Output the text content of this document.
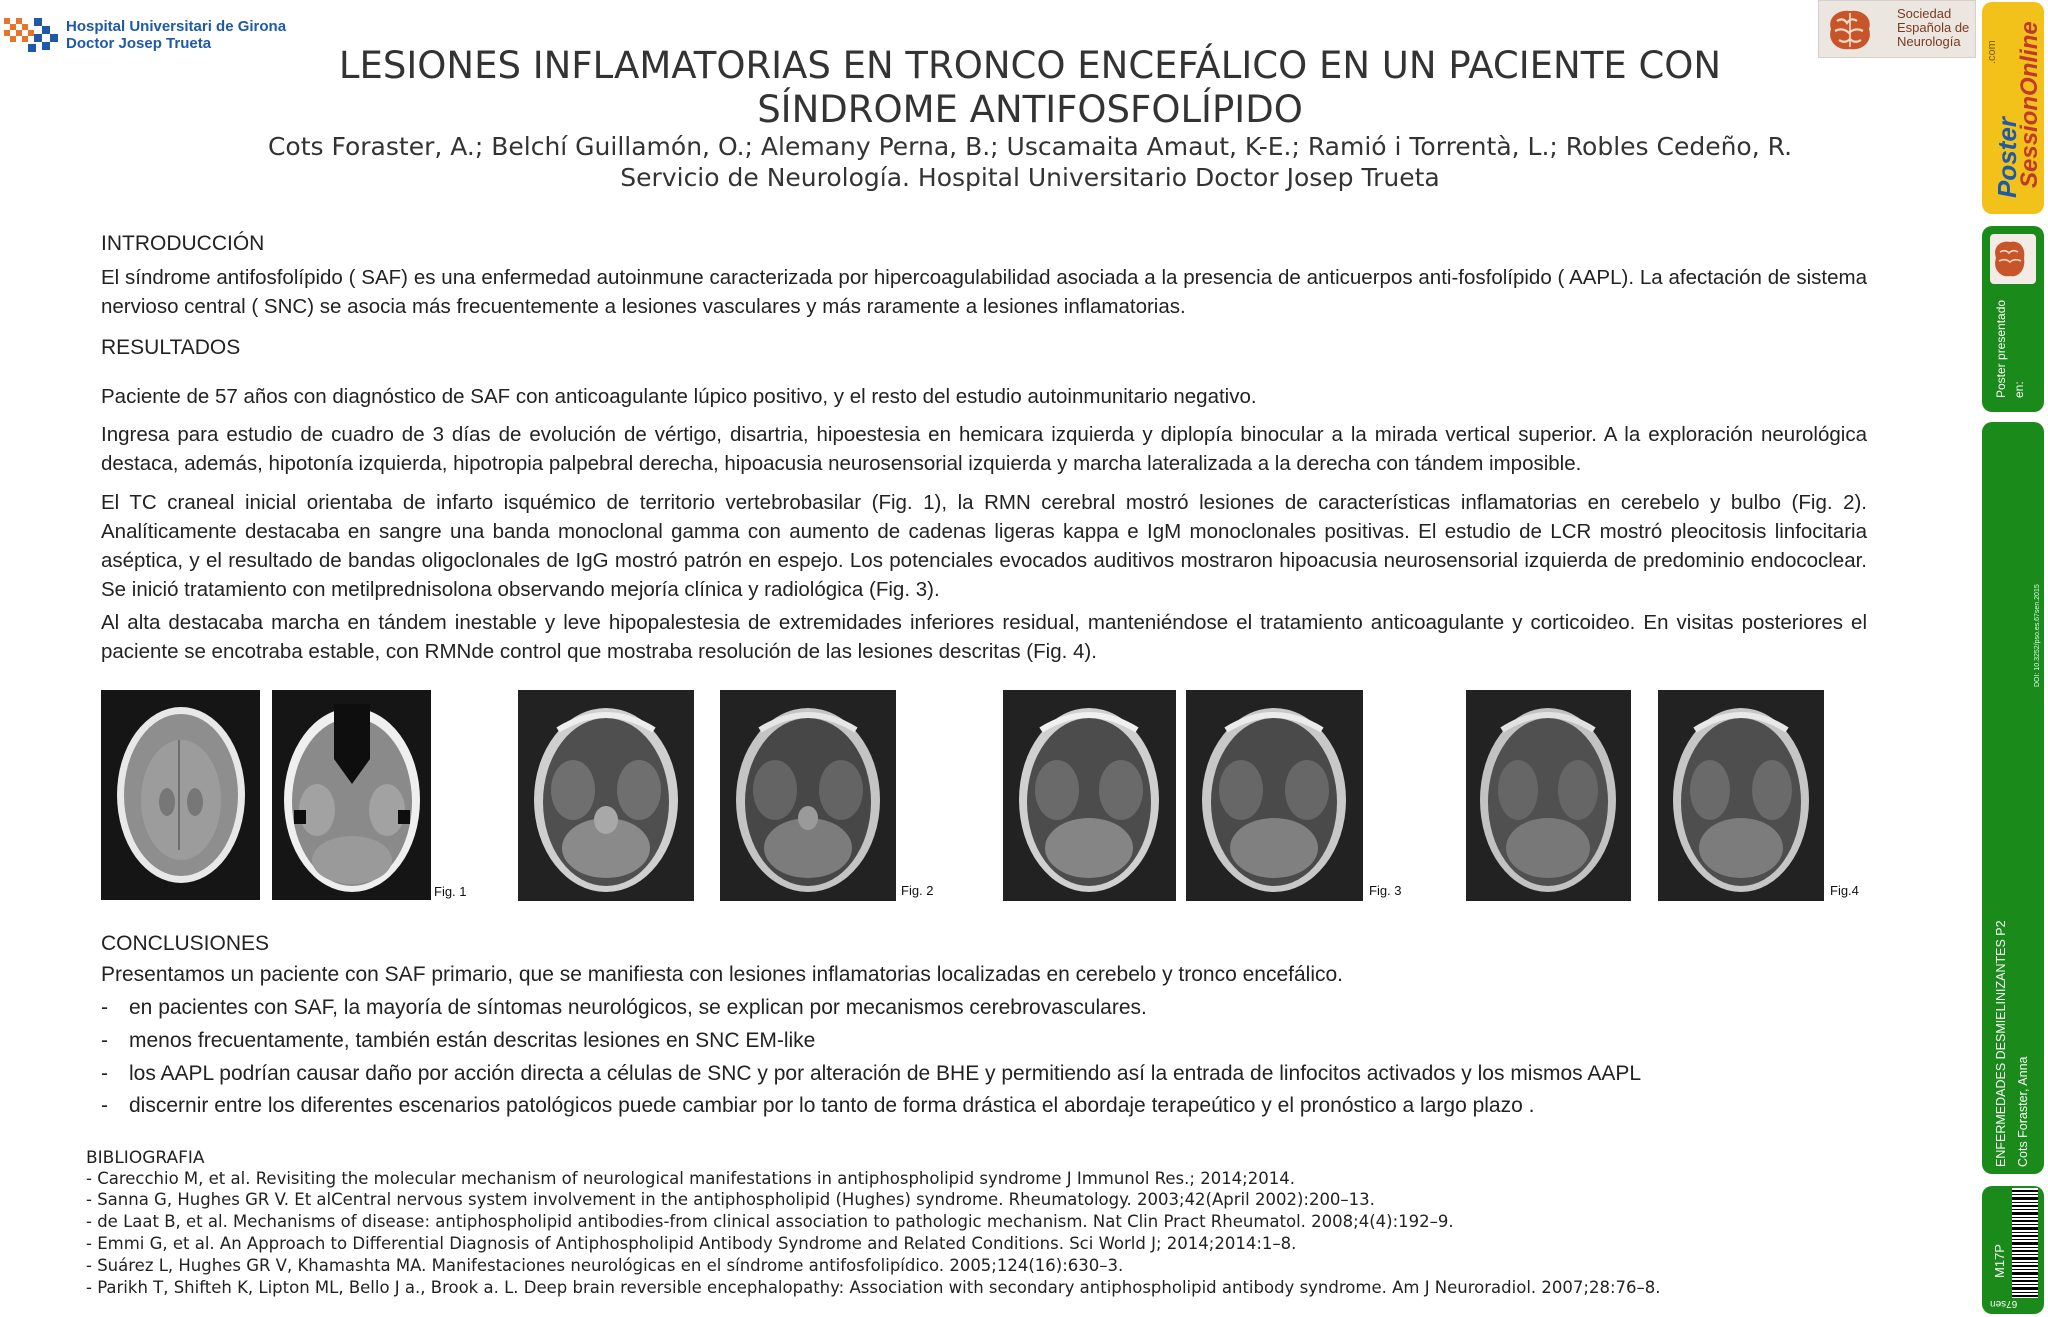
Hospital Universitari de Girona
Doctor Josep Trueta
Sociedad
Española de
Neurología
LESIONES INFLAMATORIAS EN TRONCO ENCEFÁLICO EN UN PACIENTE CON
SÍNDROME ANTIFOSFOLÍPIDO
Cots Foraster, A.; Belchí Guillamón, O.; Alemany Perna, B.; Uscamaita Amaut, K-E.; Ramió i Torrentà, L.; Robles Cedeño, R.
Servicio de Neurología. Hospital Universitario Doctor Josep Trueta
INTRODUCCIÓN
El síndrome antifosfolípido ( SAF) es una enfermedad autoinmune caracterizada por hipercoagulabilidad asociada a la presencia de anticuerpos anti-fosfolípido ( AAPL). La afectación de sistema nervioso central ( SNC) se asocia más frecuentemente a lesiones vasculares y más raramente a lesiones inflamatorias.
RESULTADOS
Paciente de 57 años con diagnóstico de SAF con anticoagulante lúpico positivo, y el resto del estudio autoinmunitario negativo.
Ingresa para estudio de cuadro de 3 días de evolución de vértigo, disartria, hipoestesia en hemicara izquierda y diplopía binocular a la mirada vertical superior. A la exploración neurológica destaca, además, hipotonía izquierda, hipotropia palpebral derecha, hipoacusia neurosensorial izquierda y marcha lateralizada a la derecha con tándem imposible.
El TC craneal inicial orientaba de infarto isquémico de territorio vertebrobasilar (Fig. 1), la RMN cerebral mostró lesiones de características inflamatorias en cerebelo y bulbo (Fig. 2). Analíticamente destacaba en sangre una banda monoclonal gamma con aumento de cadenas ligeras kappa e IgM monoclonales positivas. El estudio de LCR mostró pleocitosis linfocitaria aséptica, y el resultado de bandas oligoclonales de IgG mostró patrón en espejo. Los potenciales evocados auditivos mostraron hipoacusia neurosensorial izquierda de predominio endococlear. Se inició tratamiento con metilprednisolona observando mejoría clínica y radiológica (Fig. 3).
Al alta destacaba marcha en tándem inestable y leve hipopalestesia de extremidades inferiores residual, manteniéndose el tratamiento anticoagulante y corticoideo. En visitas posteriores el paciente se encotraba estable, con RMNde control que mostraba resolución de las lesiones descritas (Fig. 4).
Fig. 1	Fig. 2	Fig. 3	Fig.4
CONCLUSIONES
Presentamos un paciente con SAF primario, que se manifiesta con lesiones inflamatorias localizadas en cerebelo y tronco encefálico.
- en pacientes con SAF, la mayoría de síntomas neurológicos, se explican por mecanismos cerebrovasculares.
- menos frecuentamente, también están descritas lesiones en SNC EM-like
- los AAPL podrían causar daño por acción directa a células de SNC y por alteración de BHE y permitiendo así la entrada de linfocitos activados y los mismos AAPL
- discernir entre los diferentes escenarios patológicos puede cambiar por lo tanto de forma drástica el abordaje terapeútico y el pronóstico a largo plazo .
BIBLIOGRAFIA
- Carecchio M, et al. Revisiting the molecular mechanism of neurological manifestations in antiphospholipid syndrome J Immunol Res.; 2014;2014.
- Sanna G, Hughes GR V. Et alCentral nervous system involvement in the antiphospholipid (Hughes) syndrome. Rheumatology. 2003;42(April 2002):200–13.
- de Laat B, et al. Mechanisms of disease: antiphospholipid antibodies-from clinical association to pathologic mechanism. Nat Clin Pract Rheumatol. 2008;4(4):192–9.
- Emmi G, et al. An Approach to Differential Diagnosis of Antiphospholipid Antibody Syndrome and Related Conditions. Sci World J; 2014;2014:1–8.
- Suárez L, Hughes GR V, Khamashta MA. Manifestaciones neurológicas en el síndrome antifosfolipídico. 2005;124(16):630–3.
- Parikh T, Shifteh K, Lipton ML, Bello J a., Brook a. L. Deep brain reversible encephalopathy: Association with secondary antiphospholipid antibody syndrome. Am J Neuroradiol. 2007;28:76–8.
Poster
SessionOnline
.com
Poster presentado en:
DOI: 10.3252/pso.es.67sen.2015
ENFERMEDADES DESMIELINIZANTES P2 Cots Foraster, Anna
M17P
67sen
